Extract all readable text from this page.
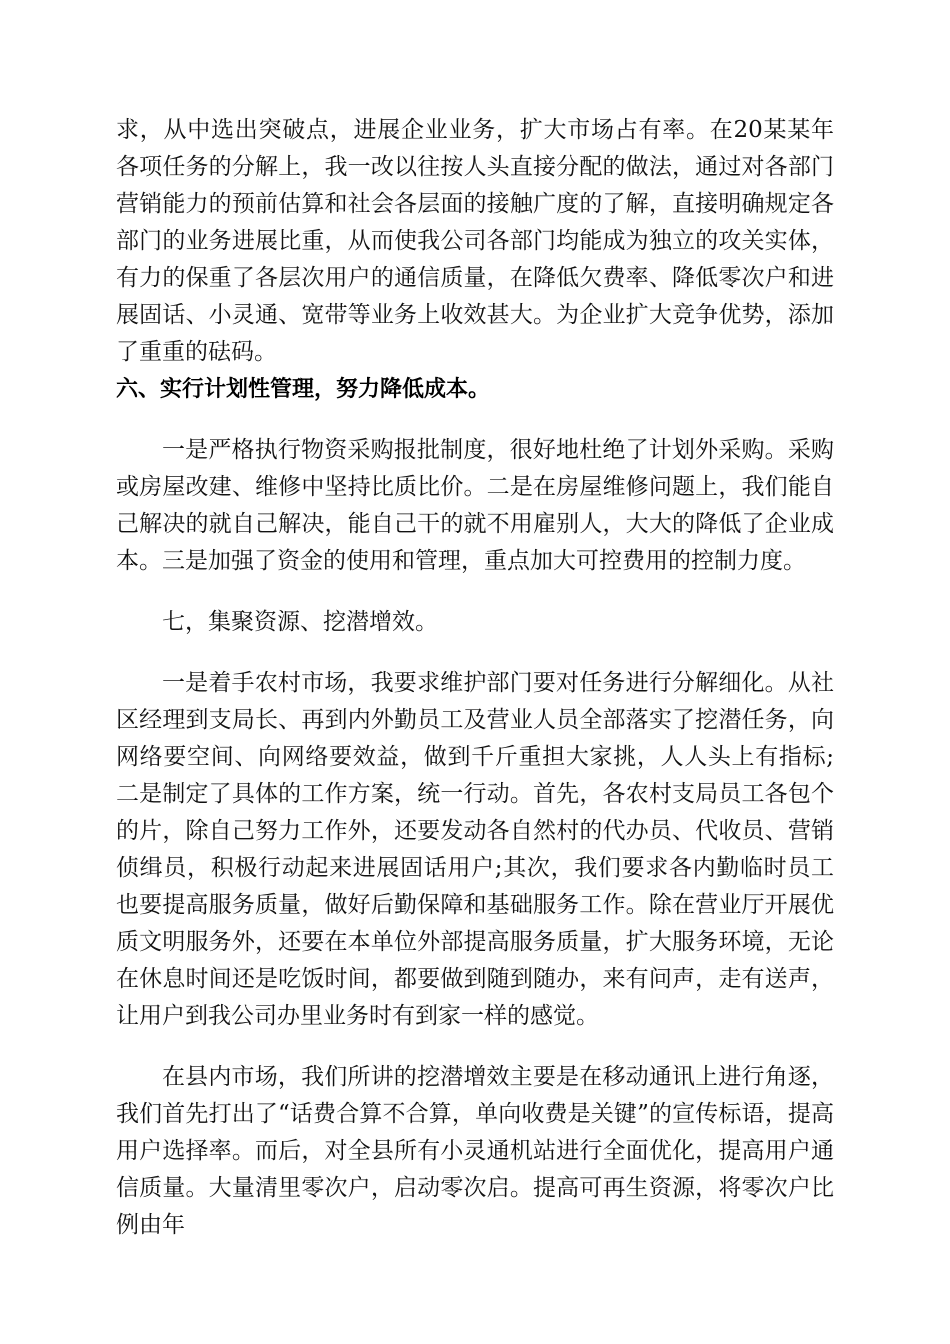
求，从中选出突破点，进展企业业务，扩大市场占有率。在20某某年各项任务的分解上，我一改以往按人头直接分配的做法，通过对各部门营销能力的预前估算和社会各层面的接触广度的了解，直接明确规定各部门的业务进展比重，从而使我公司各部门均能成为独立的攻关实体，有力的保重了各层次用户的通信质量，在降低欠费率、降低零次户和进展固话、小灵通、宽带等业务上收效甚大。为企业扩大竞争优势，添加了重重的砝码。

六、实行计划性管理，努力降低成本。

一是严格执行物资采购报批制度，很好地杜绝了计划外采购。采购或房屋改建、维修中坚持比质比价。二是在房屋维修问题上，我们能自己解决的就自己解决，能自己干的就不用雇别人，大大的降低了企业成本。三是加强了资金的使用和管理，重点加大可控费用的控制力度。

七，集聚资源、挖潜增效。

一是着手农村市场，我要求维护部门要对任务进行分解细化。从社区经理到支局长、再到内外勤员工及营业人员全部落实了挖潜任务，向网络要空间、向网络要效益，做到千斤重担大家挑，人人头上有指标;二是制定了具体的工作方案，统一行动。首先，各农村支局员工各包个的片，除自己努力工作外，还要发动各自然村的代办员、代收员、营销侦缉员，积极行动起来进展固话用户;其次，我们要求各内勤临时员工也要提高服务质量，做好后勤保障和基础服务工作。除在营业厅开展优质文明服务外，还要在本单位外部提高服务质量，扩大服务环境，无论在休息时间还是吃饭时间，都要做到随到随办，来有问声，走有送声，让用户到我公司办里业务时有到家一样的感觉。

在县内市场，我们所讲的挖潜增效主要是在移动通讯上进行角逐，我们首先打出了“话费合算不合算，单向收费是关键”的宣传标语，提高用户选择率。而后，对全县所有小灵通机站进行全面优化，提高用户通信质量。大量清里零次户，启动零次启。提高可再生资源，将零次户比例由年
